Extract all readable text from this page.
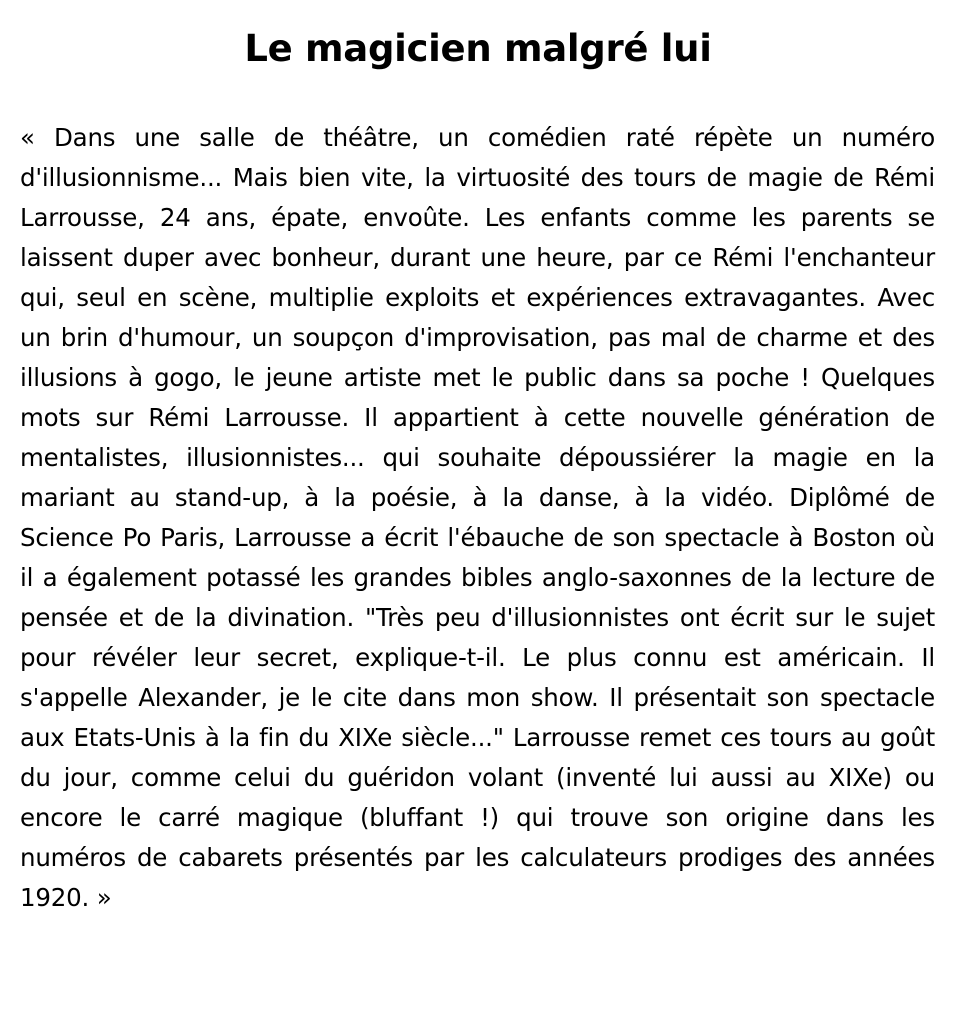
Le magicien malgré lui

« Dans une salle de théâtre, un comédien raté répète un numéro d'illusionnisme... Mais bien vite, la virtuosité des tours de magie de Rémi Larrousse, 24 ans, épate, envoûte. Les enfants comme les parents se laissent duper avec bonheur, durant une heure, par ce Rémi l'enchanteur qui, seul en scène, multiplie exploits et expériences extravagantes. Avec un brin d'humour, un soupçon d'improvisation, pas mal de charme et des illusions à gogo, le jeune artiste met le public dans sa poche ! Quelques mots sur Rémi Larrousse. Il appartient à cette nouvelle génération de mentalistes, illusionnistes... qui souhaite dépoussiérer la magie en la mariant au stand-up, à la poésie, à la danse, à la vidéo. Diplômé de Science Po Paris, Larrousse a écrit l'ébauche de son spectacle à Boston où il a également potassé les grandes bibles anglo-saxonnes de la lecture de pensée et de la divination. "Très peu d'illusionnistes ont écrit sur le sujet pour révéler leur secret, explique-t-il. Le plus connu est américain. Il s'appelle Alexander, je le cite dans mon show. Il présentait son spectacle aux Etats-Unis à la fin du XIXe siècle..." Larrousse remet ces tours au goût du jour, comme celui du guéridon volant (inventé lui aussi au XIXe) ou encore le carré magique (bluffant !) qui trouve son origine dans les numéros de cabarets présentés par les calculateurs prodiges des années 1920. »
